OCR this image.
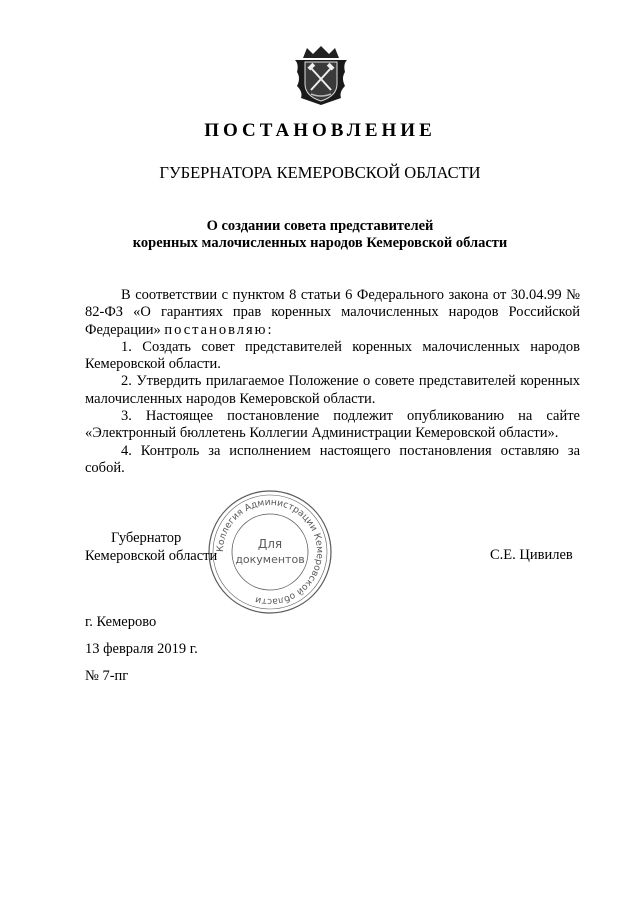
ПОСТАНОВЛЕНИЕ
ГУБЕРНАТОРА КЕМЕРОВСКОЙ ОБЛАСТИ
О создании совета представителей
коренных малочисленных народов Кемеровской области

В соответствии с пунктом 8 статьи 6 Федерального закона от 30.04.99 № 82-ФЗ «О гарантиях прав коренных малочисленных народов Российской Федерации» постановляю:

1. Создать совет представителей коренных малочисленных народов Кемеровской области.

2. Утвердить прилагаемое Положение о совете представителей коренных малочисленных народов Кемеровской области.

3. Настоящее постановление подлежит опубликованию на сайте «Электронный бюллетень Коллегии Администрации Кемеровской области».

4. Контроль за исполнением настоящего постановления оставляю за собой.

Коллегия Администрации Кемеровской области
Для
документов
Губернатор
Кемеровской области	С.Е. Цивилев
г. Кемерово
13 февраля 2019 г.
№ 7-пг
